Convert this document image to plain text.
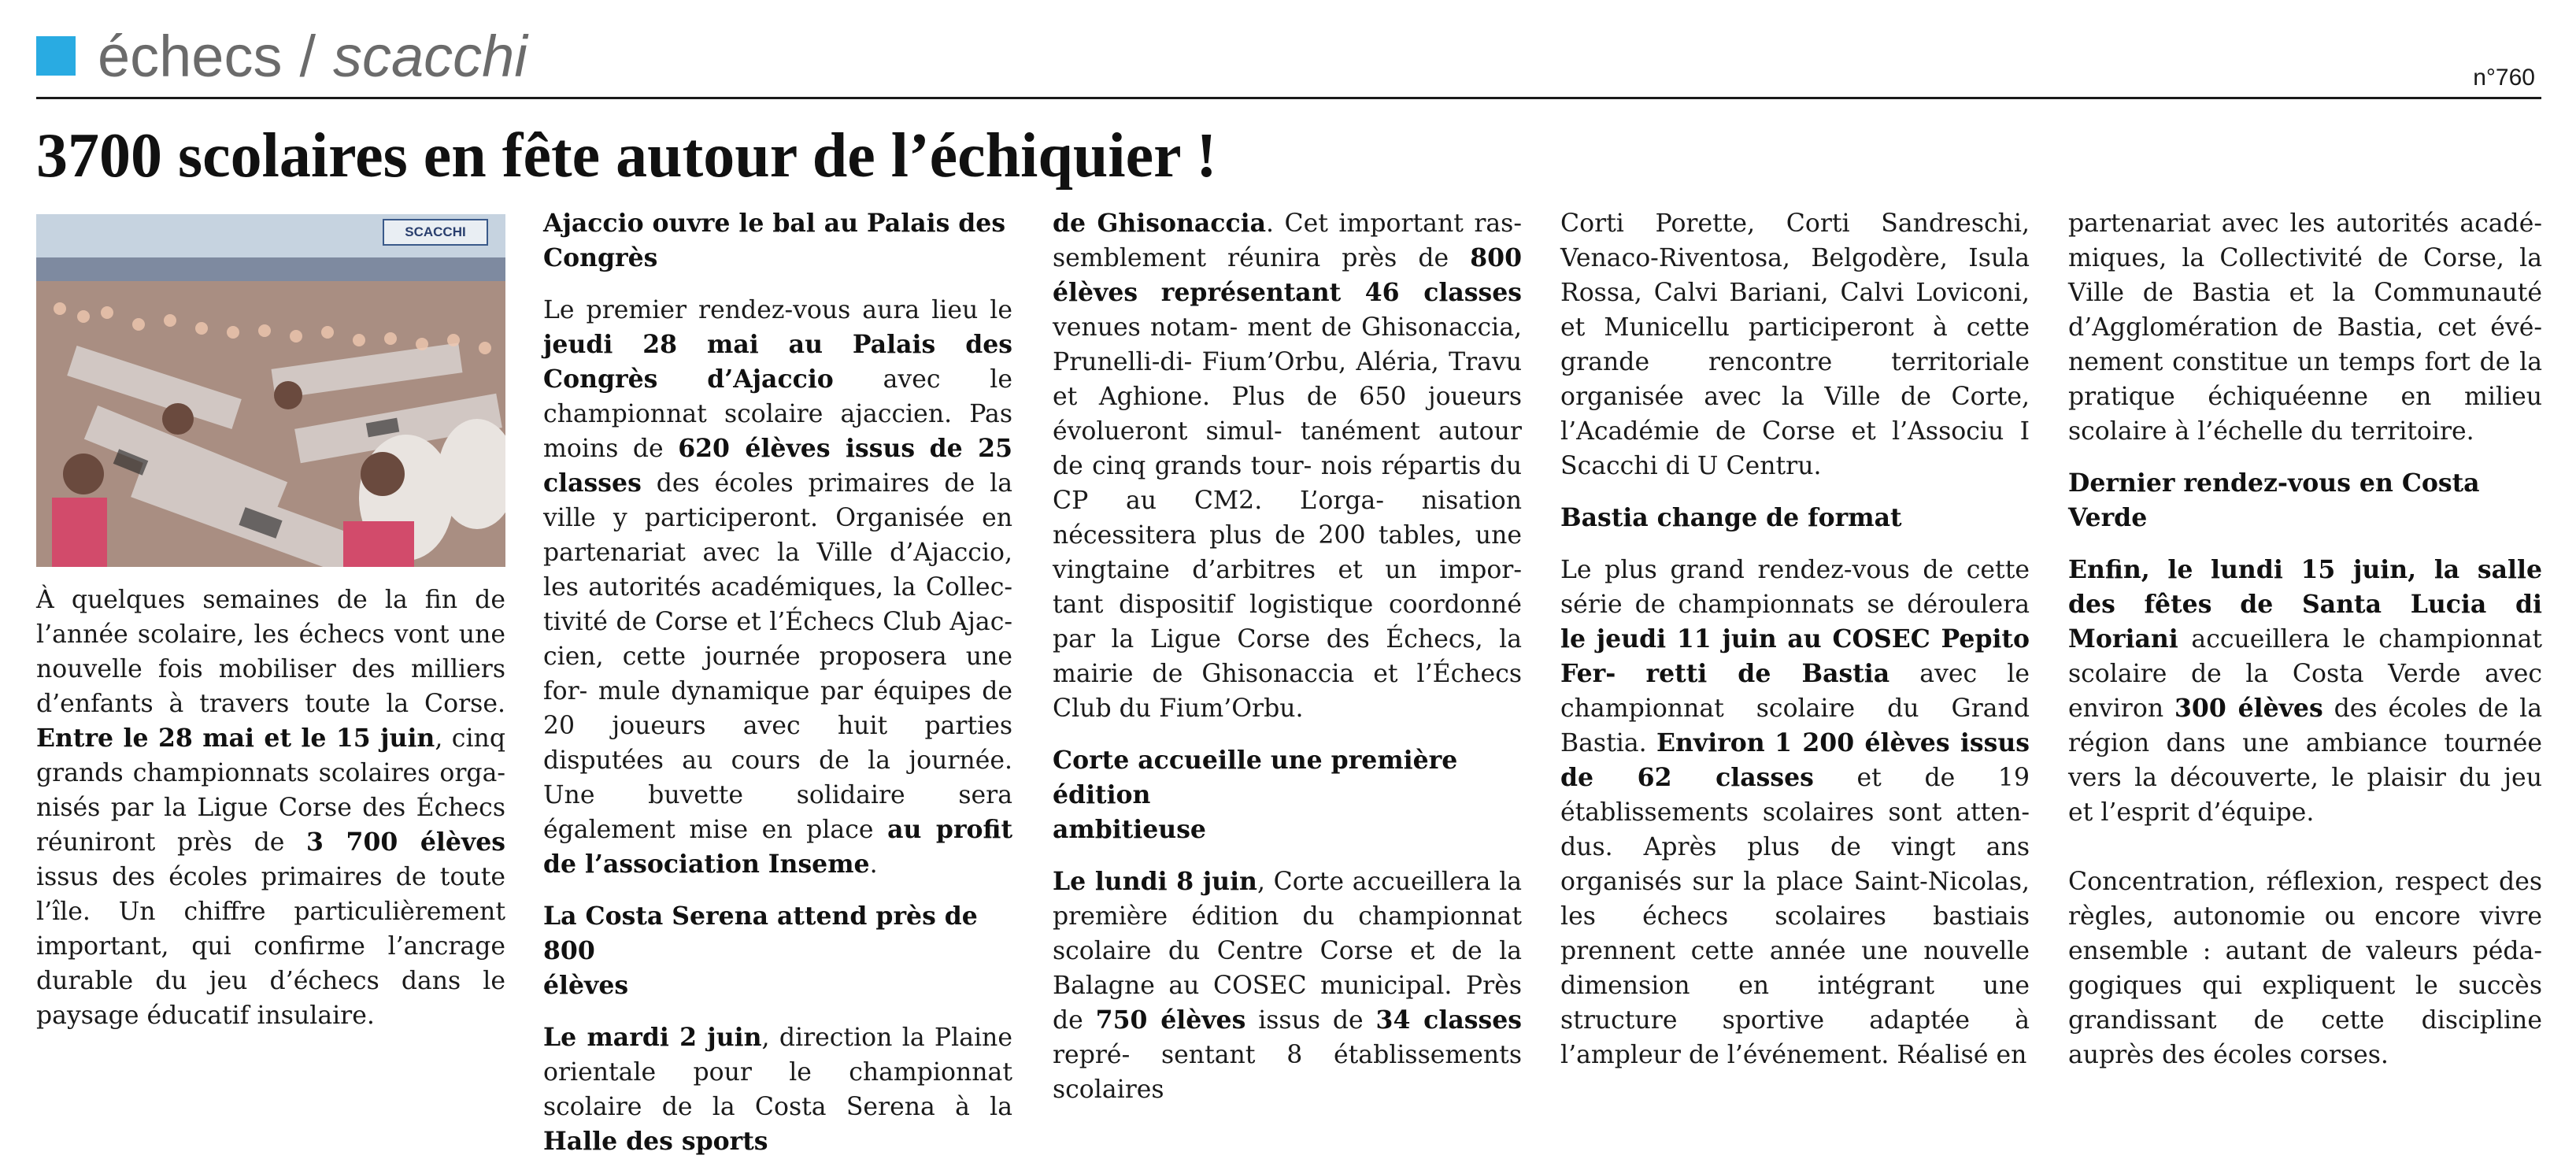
échecs / scacchi	n°760
3700 scolaires en fête autour de l’échiquier !
SCACCHI

À quelques semaines de la fin de l’année scolaire, les échecs vont une nouvelle fois mobiliser des milliers d’enfants à travers toute la Corse. Entre le 28 mai et le 15 juin, cinq grands championnats scolaires orga- nisés par la Ligue Corse des Échecs réuniront près de 3 700 élèves issus des écoles primaires de toute l’île. Un chiffre particulièrement important, qui confirme l’ancrage durable du jeu d’échecs dans le paysage éducatif insulaire.

Ajaccio ouvre le bal au Palais des
Congrès

Le premier rendez-vous aura lieu le jeudi 28 mai au Palais des Congrès d’Ajaccio avec le championnat scolaire ajaccien. Pas moins de 620 élèves issus de 25 classes des écoles primaires de la ville y participeront. Organisée en partenariat avec la Ville d’Ajaccio, les autorités académiques, la Collec- tivité de Corse et l’Échecs Club Ajac- cien, cette journée proposera une for- mule dynamique par équipes de 20 joueurs avec huit parties disputées au cours de la journée. Une buvette solidaire sera également mise en place au profit de l’association Inseme.

La Costa Serena attend près de 800
élèves

Le mardi 2 juin, direction la Plaine orientale pour le championnat scolaire de la Costa Serena à la Halle des sports

de Ghisonaccia. Cet important ras- semblement réunira près de 800 élèves représentant 46 classes venues notam- ment de Ghisonaccia, Prunelli-di- Fium’Orbu, Aléria, Travu et Aghione. Plus de 650 joueurs évolueront simul- tanément autour de cinq grands tour- nois répartis du CP au CM2. L’orga- nisation nécessitera plus de 200 tables, une vingtaine d’arbitres et un impor- tant dispositif logistique coordonné par la Ligue Corse des Échecs, la mairie de Ghisonaccia et l’Échecs Club du Fium’Orbu.

Corte accueille une première édition
ambitieuse

Le lundi 8 juin, Corte accueillera la première édition du championnat scolaire du Centre Corse et de la Balagne au COSEC municipal. Près de 750 élèves issus de 34 classes repré- sentant 8 établissements scolaires

Corti Porette, Corti Sandreschi, Venaco-Riventosa, Belgodère, Isula Rossa, Calvi Bariani, Calvi Loviconi, et Municellu participeront à cette grande rencontre territoriale organisée avec la Ville de Corte, l’Académie de Corse et l’Associu I Scacchi di U Centru.

Bastia change de format

Le plus grand rendez-vous de cette série de championnats se déroulera le jeudi 11 juin au COSEC Pepito Fer- retti de Bastia avec le championnat scolaire du Grand Bastia. Environ 1 200 élèves issus de 62 classes et de 19 établissements scolaires sont atten- dus. Après plus de vingt ans organisés sur la place Saint-Nicolas, les échecs scolaires bastiais prennent cette année une nouvelle dimension en intégrant une structure sportive adaptée à l’ampleur de l’événement. Réalisé en

partenariat avec les autorités acadé- miques, la Collectivité de Corse, la Ville de Bastia et la Communauté d’Agglomération de Bastia, cet évé- nement constitue un temps fort de la pratique échiquéenne en milieu scolaire à l’échelle du territoire.

Dernier rendez-vous en Costa Verde

Enfin, le lundi 15 juin, la salle des fêtes de Santa Lucia di Moriani accueillera le championnat scolaire de la Costa Verde avec environ 300 élèves des écoles de la région dans une ambiance tournée vers la découverte, le plaisir du jeu et l’esprit d’équipe.

Concentration, réflexion, respect des règles, autonomie ou encore vivre ensemble : autant de valeurs péda- gogiques qui expliquent le succès grandissant de cette discipline auprès des écoles corses.
